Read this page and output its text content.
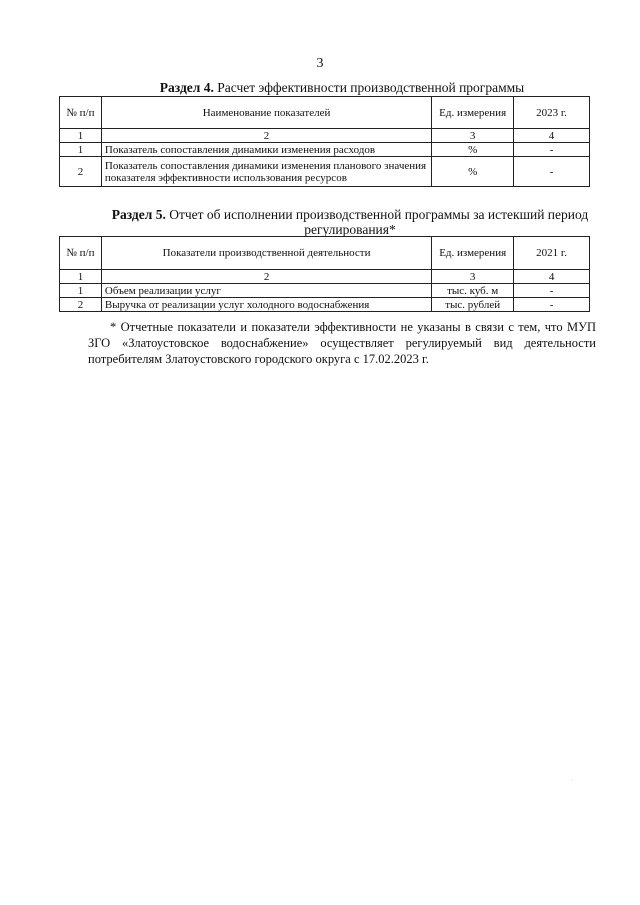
3
Раздел 4. Расчет эффективности производственной программы
№ п/п	Наименование показателей	Ед. измерения	2023 г.
1	2	3	4
1	Показатель сопоставления динамики изменения расходов	%	-
2	Показатель сопоставления динамики изменения планового значения показателя эффективности использования ресурсов	%	-
Раздел 5. Отчет об исполнении производственной программы за истекший период регулирования*
№ п/п	Показатели производственной деятельности	Ед. измерения	2021 г.
1	2	3	4
1	Объем реализации услуг	тыс. куб. м	-
2	Выручка от реализации услуг холодного водоснабжения	тыс. рублей	-

* Отчетные показатели и показатели эффективности не указаны в связи с тем, что МУП ЗГО «Златоустовское водоснабжение» осуществляет регулируемый вид деятельности потребителям Златоустовского городского округа с 17.02.2023 г.

.
